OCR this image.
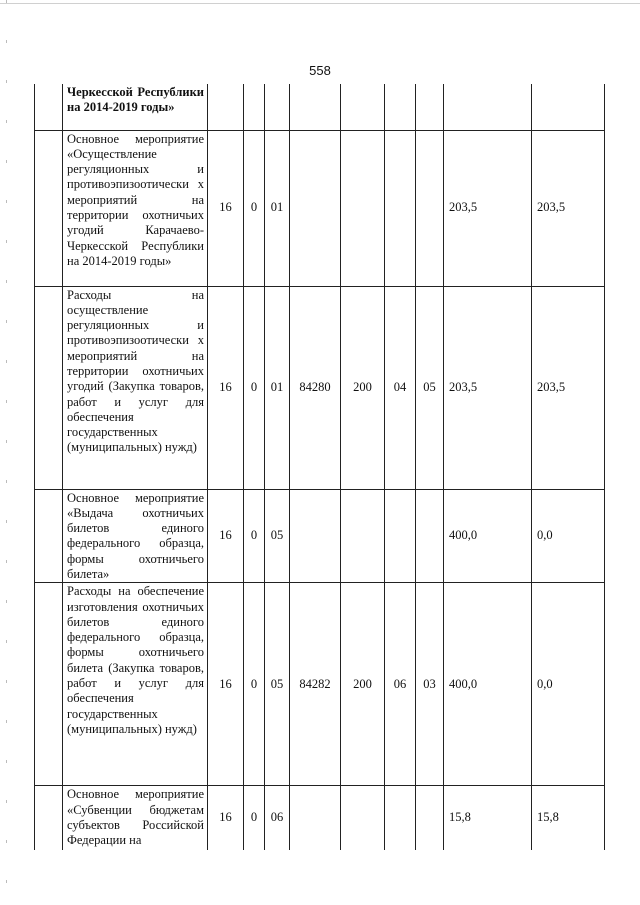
558
	Черкесской Республики на 2014-2019 годы»									
	Основное мероприятие «Осуществление регуляционных и противоэпизоотически х мероприятий на территории охотничьих угодий Карачаево-Черкесской Республики на 2014-2019 годы»	16	0	01					203,5	203,5
	Расходы на осуществление регуляционных и противоэпизоотически х мероприятий на территории охотничьих угодий (Закупка товаров, работ и услуг для обеспечения государственных (муниципальных) нужд)	16	0	01	84280	200	04	05	203,5	203,5
	Основное мероприятие «Выдача охотничьих билетов единого федерального образца, формы охотничьего билета»	16	0	05					400,0	0,0
	Расходы на обеспечение изготовления охотничьих билетов единого федерального образца, формы охотничьего билета (Закупка товаров, работ и услуг для обеспечения государственных (муниципальных) нужд)	16	0	05	84282	200	06	03	400,0	0,0
	Основное мероприятие «Субвенции бюджетам субъектов Российской Федерации на	16	0	06					15,8	15,8
